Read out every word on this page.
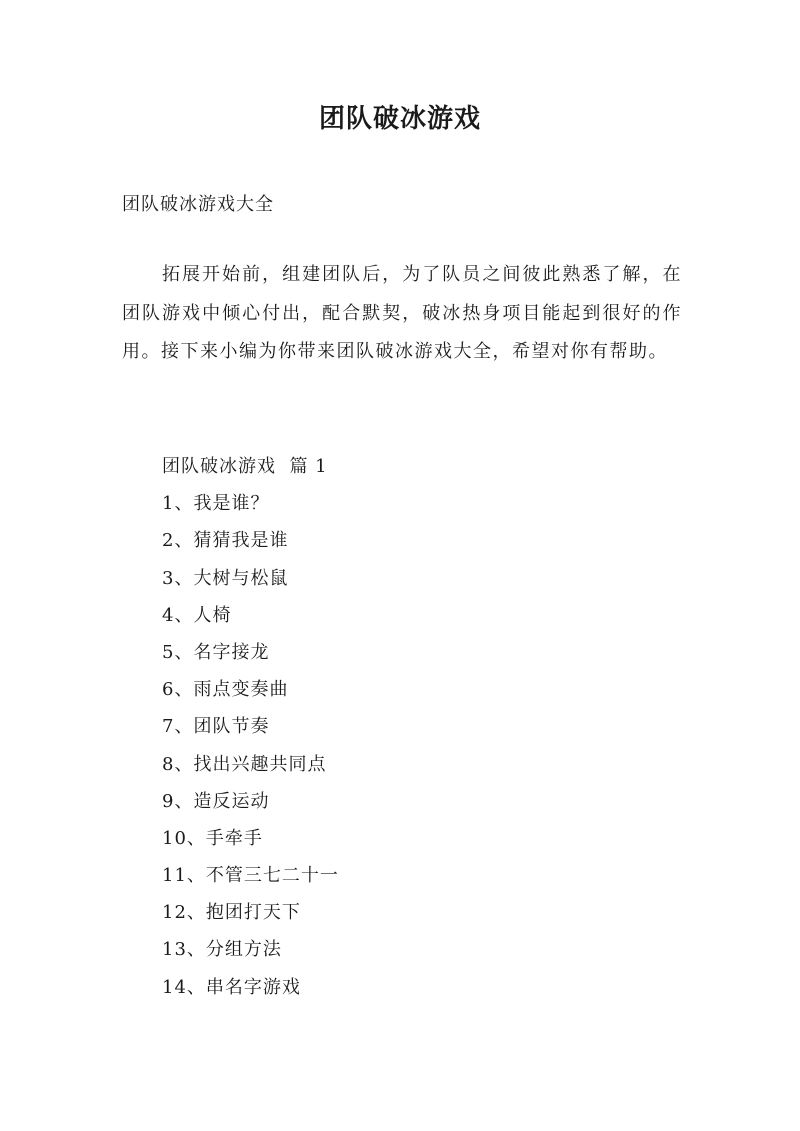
团队破冰游戏

团队破冰游戏大全

拓展开始前，组建团队后，为了队员之间彼此熟悉了解，在团队游戏中倾心付出，配合默契，破冰热身项目能起到很好的作用。接下来小编为你带来团队破冰游戏大全，希望对你有帮助。

团队破冰游戏  篇 1

1、我是谁？
2、猜猜我是谁
3、大树与松鼠
4、人椅
5、名字接龙
6、雨点变奏曲
7、团队节奏
8、找出兴趣共同点
9、造反运动
10、手牵手
11、不管三七二十一
12、抱团打天下
13、分组方法
14、串名字游戏
